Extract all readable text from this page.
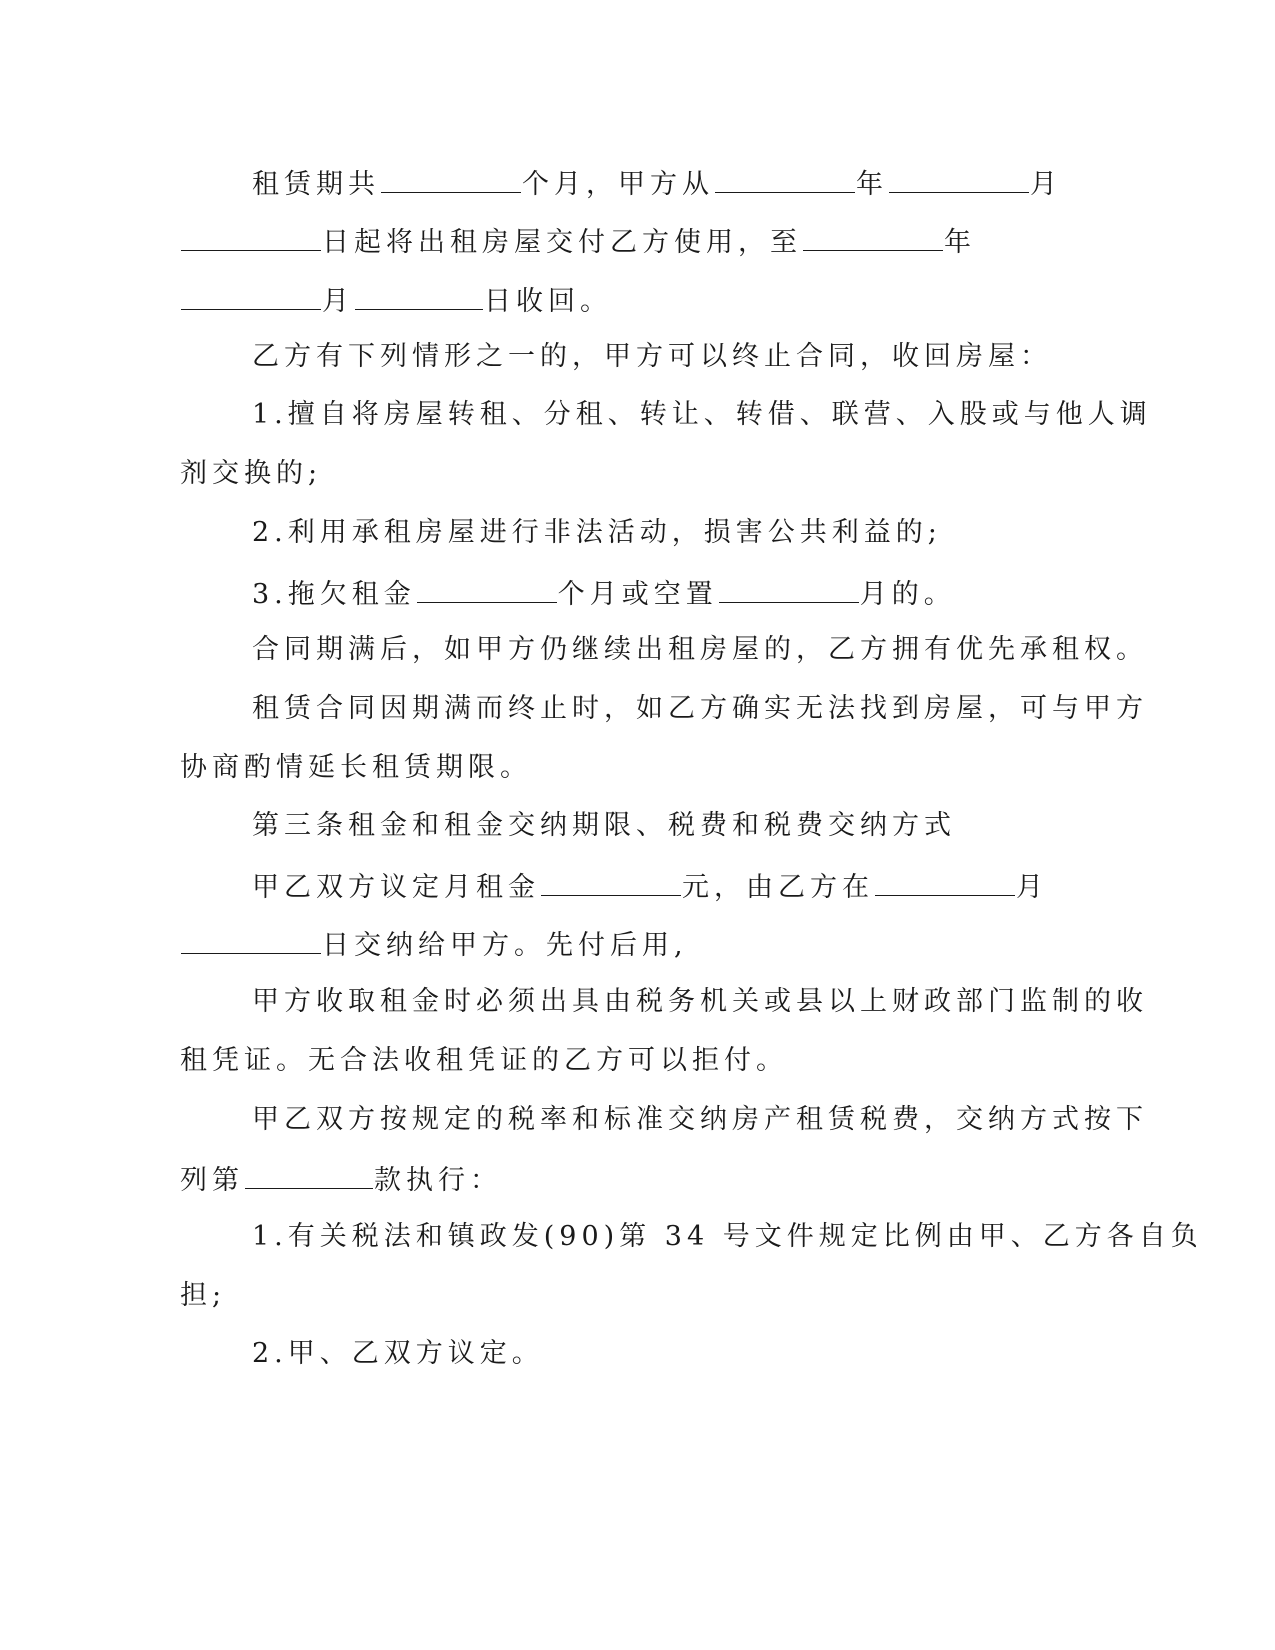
租赁期共	个月，甲方从	年	月
日起将出租房屋交付乙方使用，至	年
月	日收回。
乙方有下列情形之一的，甲方可以终止合同，收回房屋：
1.擅自将房屋转租、分租、转让、转借、联营、入股或与他人调
剂交换的;
2.利用承租房屋进行非法活动，损害公共利益的;
3.拖欠租金	个月或空置	月的。
合同期满后，如甲方仍继续出租房屋的，乙方拥有优先承租权。
租赁合同因期满而终止时，如乙方确实无法找到房屋，可与甲方
协商酌情延长租赁期限。
第三条租金和租金交纳期限、税费和税费交纳方式
甲乙双方议定月租金	元，由乙方在	月
日交纳给甲方。先付后用,
甲方收取租金时必须出具由税务机关或县以上财政部门监制的收
租凭证。无合法收租凭证的乙方可以拒付。
甲乙双方按规定的税率和标准交纳房产租赁税费，交纳方式按下
列第	款执行：
1.有关税法和镇政发(90)第 34 号文件规定比例由甲、乙方各自负
担;
2.甲、乙双方议定。
